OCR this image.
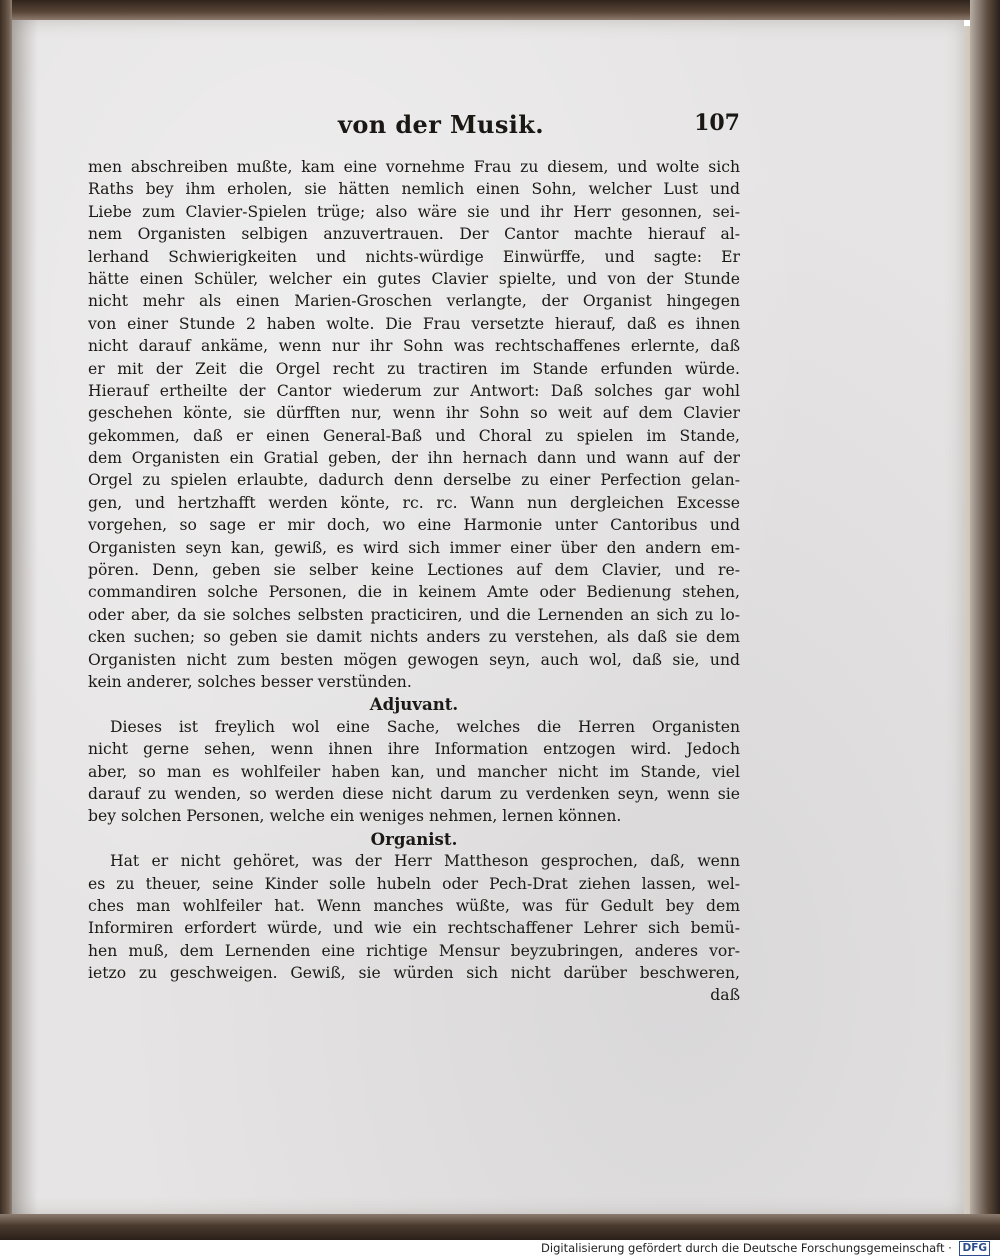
von der Musik.	107
men abschreiben mußte, kam eine vornehme Frau zu diesem, und wolte sich
Raths bey ihm erholen, sie hätten nemlich einen Sohn, welcher Lust und
Liebe zum Clavier-Spielen trüge; also wäre sie und ihr Herr gesonnen, sei-
nem Organisten selbigen anzuvertrauen. Der Cantor machte hierauf al-
lerhand Schwierigkeiten und nichts-würdige Einwürffe, und sagte: Er
hätte einen Schüler, welcher ein gutes Clavier spielte, und von der Stunde
nicht mehr als einen Marien-Groschen verlangte, der Organist hingegen
von einer Stunde 2 haben wolte. Die Frau versetzte hierauf, daß es ihnen
nicht darauf ankäme, wenn nur ihr Sohn was rechtschaffenes erlernte, daß
er mit der Zeit die Orgel recht zu tractiren im Stande erfunden würde.
Hierauf ertheilte der Cantor wiederum zur Antwort: Daß solches gar wohl
geschehen könte, sie dürfften nur, wenn ihr Sohn so weit auf dem Clavier
gekommen, daß er einen General-Baß und Choral zu spielen im Stande,
dem Organisten ein Gratial geben, der ihn hernach dann und wann auf der
Orgel zu spielen erlaubte, dadurch denn derselbe zu einer Perfection gelan-
gen, und hertzhafft werden könte, rc. rc. Wann nun dergleichen Excesse
vorgehen, so sage er mir doch, wo eine Harmonie unter Cantoribus und
Organisten seyn kan, gewiß, es wird sich immer einer über den andern em-
pören. Denn, geben sie selber keine Lectiones auf dem Clavier, und re-
commandiren solche Personen, die in keinem Amte oder Bedienung stehen,
oder aber, da sie solches selbsten practiciren, und die Lernenden an sich zu lo-
cken suchen; so geben sie damit nichts anders zu verstehen, als daß sie dem
Organisten nicht zum besten mögen gewogen seyn, auch wol, daß sie, und
kein anderer, solches besser verstünden.
Adjuvant.
Dieses ist freylich wol eine Sache, welches die Herren Organisten
nicht gerne sehen, wenn ihnen ihre Information entzogen wird. Jedoch
aber, so man es wohlfeiler haben kan, und mancher nicht im Stande, viel
darauf zu wenden, so werden diese nicht darum zu verdenken seyn, wenn sie
bey solchen Personen, welche ein weniges nehmen, lernen können.
Organist.
Hat er nicht gehöret, was der Herr Mattheson gesprochen, daß, wenn
es zu theuer, seine Kinder solle hubeln oder Pech-Drat ziehen lassen, wel-
ches man wohlfeiler hat. Wenn manches wüßte, was für Gedult bey dem
Informiren erfordert würde, und wie ein rechtschaffener Lehrer sich bemü-
hen muß, dem Lernenden eine richtige Mensur beyzubringen, anderes vor-
ietzo zu geschweigen. Gewiß, sie würden sich nicht darüber beschweren,
daß
Digitalisierung gefördert durch die Deutsche Forschungsgemeinschaft · DFG
